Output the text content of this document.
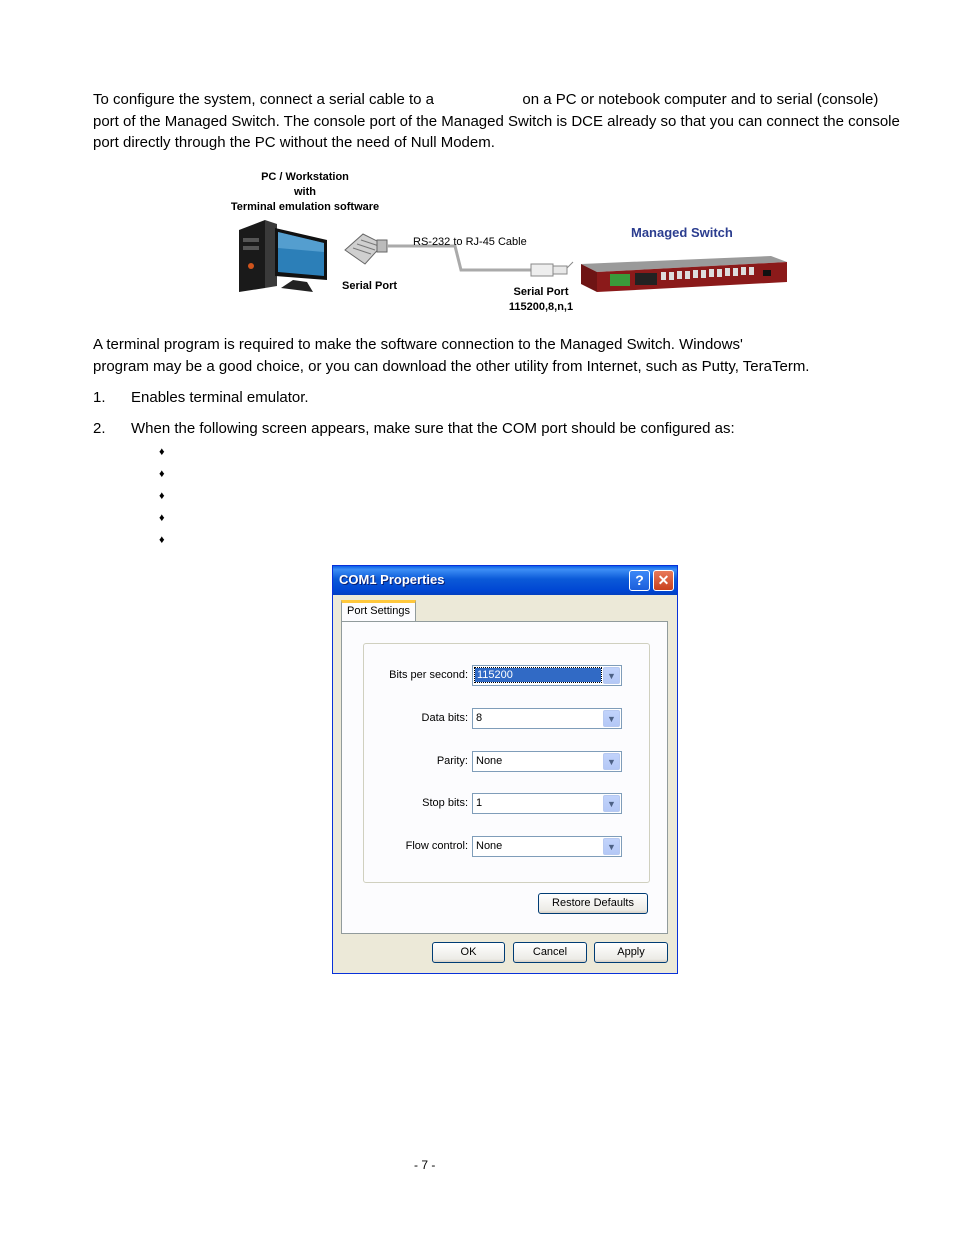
To configure the system, connect a serial cable to a	on a PC or notebook computer and to serial (console) port of the Managed Switch. The console port of the Managed Switch is DCE already so that you can connect the console port directly through the PC without the need of Null Modem.

PC / Workstation
with
Terminal emulation software
RS-232 to RJ-45 Cable
Serial Port	Serial Port
115200,8,n,1
Managed Switch
A terminal program is required to make the software connection to the Managed Switch. Windows'
program may be a good choice, or you can download the other utility from Internet, such as Putty, TeraTerm.
1. Enables terminal emulator.
2. When the following screen appears, make sure that the COM port should be configured as:
♦
♦
♦
♦
♦
COM1 Properties	? ✕
Port Settings
Bits per second: 115200	▼
Data bits: 8	▼
Parity: None	▼
Stop bits: 1	▼
Flow control: None	▼
Restore Defaults
OK	Cancel	Apply
- 7 -
